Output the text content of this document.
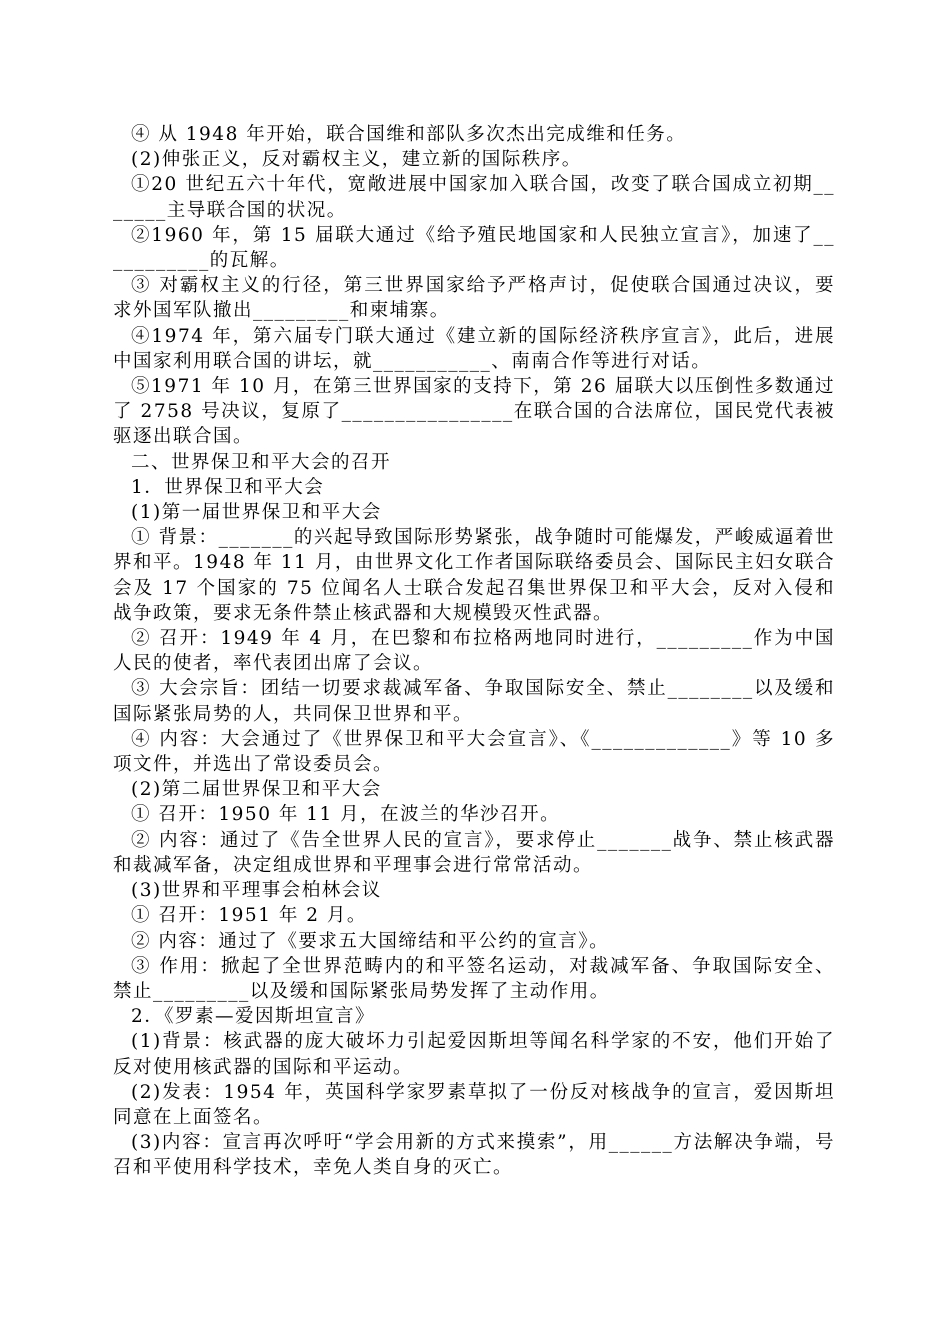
④ 从 1948 年开始，联合国维和部队多次杰出完成维和任务。

(2)伸张正义，反对霸权主义，建立新的国际秩序。

①20 世纪五六十年代，宽敞进展中国家加入联合国，改变了联合国成立初期_______主导联合国的状况。

②1960 年，第 15 届联大通过《给予殖民地国家和人民独立宣言》，加速了___________的瓦解。

③ 对霸权主义的行径，第三世界国家给予严格声讨，促使联合国通过决议，要求外国军队撤出_________和柬埔寨。

④1974 年，第六届专门联大通过《建立新的国际经济秩序宣言》，此后，进展中国家利用联合国的讲坛，就___________、南南合作等进行对话。

⑤1971 年 10 月，在第三世界国家的支持下，第 26 届联大以压倒性多数通过了 2758 号决议，复原了________________在联合国的合法席位，国民党代表被驱逐出联合国。

二、世界保卫和平大会的召开

1．世界保卫和平大会

(1)第一届世界保卫和平大会

① 背景：_______的兴起导致国际形势紧张，战争随时可能爆发，严峻威逼着世界和平。1948 年 11 月，由世界文化工作者国际联络委员会、国际民主妇女联合会及 17 个国家的 75 位闻名人士联合发起召集世界保卫和平大会，反对入侵和战争政策，要求无条件禁止核武器和大规模毁灭性武器。

② 召开：1949 年 4 月，在巴黎和布拉格两地同时进行，_________作为中国人民的使者，率代表团出席了会议。

③ 大会宗旨：团结一切要求裁减军备、争取国际安全、禁止________以及缓和国际紧张局势的人，共同保卫世界和平。

④ 内容：大会通过了《世界保卫和平大会宣言》、《_____________》等 10 多项文件，并选出了常设委员会。

(2)第二届世界保卫和平大会

① 召开：1950 年 11 月，在波兰的华沙召开。

② 内容：通过了《告全世界人民的宣言》，要求停止_______战争、禁止核武器和裁减军备，决定组成世界和平理事会进行常常活动。

(3)世界和平理事会柏林会议

① 召开：1951 年 2 月。

② 内容：通过了《要求五大国缔结和平公约的宣言》。

③ 作用：掀起了全世界范畴内的和平签名运动，对裁减军备、争取国际安全、禁止_________以及缓和国际紧张局势发挥了主动作用。

2．《罗素—爱因斯坦宣言》

(1)背景：核武器的庞大破坏力引起爱因斯坦等闻名科学家的不安，他们开始了反对使用核武器的国际和平运动。

(2)发表：1954 年，英国科学家罗素草拟了一份反对核战争的宣言，爱因斯坦同意在上面签名。

(3)内容：宣言再次呼吁“学会用新的方式来摸索”，用______方法解决争端，号召和平使用科学技术，幸免人类自身的灭亡。
